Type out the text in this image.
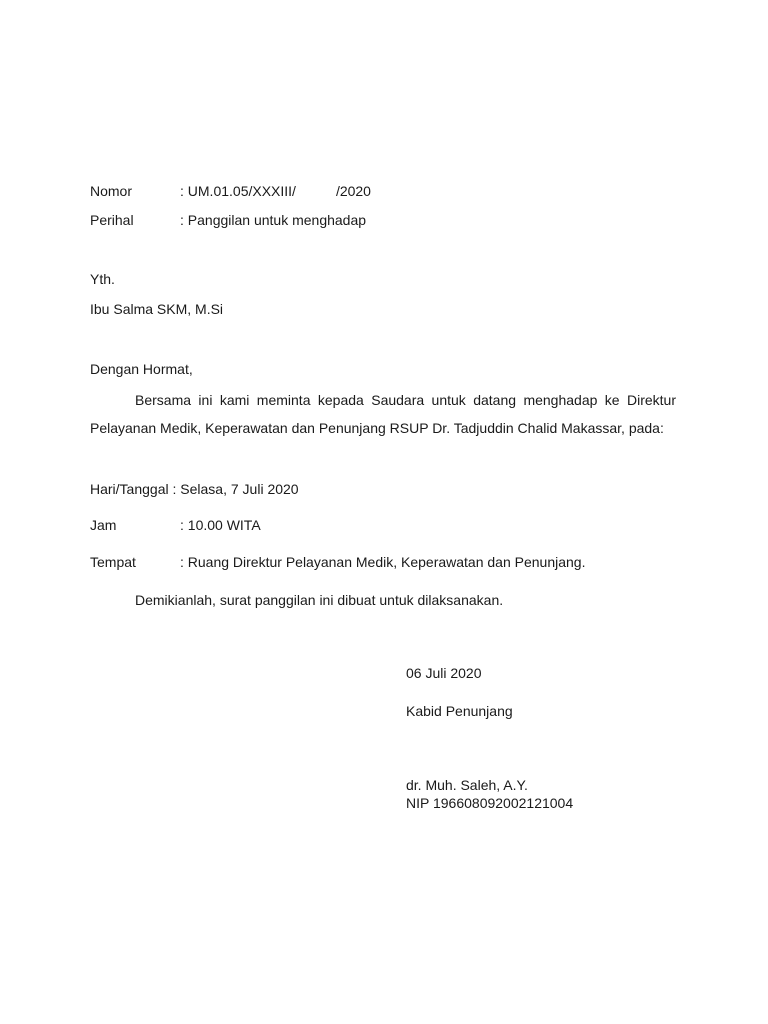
Nomor	: UM.01.05/XXXIII/	/2020
Perihal	: Panggilan untuk menghadap
Yth.
Ibu Salma SKM, M.Si
Dengan Hormat,
Bersama ini kami meminta kepada Saudara untuk datang menghadap ke Direktur Pelayanan Medik, Keperawatan dan Penunjang RSUP Dr. Tadjuddin Chalid Makassar, pada:
Hari/Tanggal : Selasa, 7 Juli 2020
Jam	: 10.00 WITA
Tempat	: Ruang Direktur Pelayanan Medik, Keperawatan dan Penunjang.
Demikianlah, surat panggilan ini dibuat untuk dilaksanakan.
06 Juli 2020
Kabid Penunjang
dr. Muh. Saleh, A.Y.
NIP 196608092002121004
